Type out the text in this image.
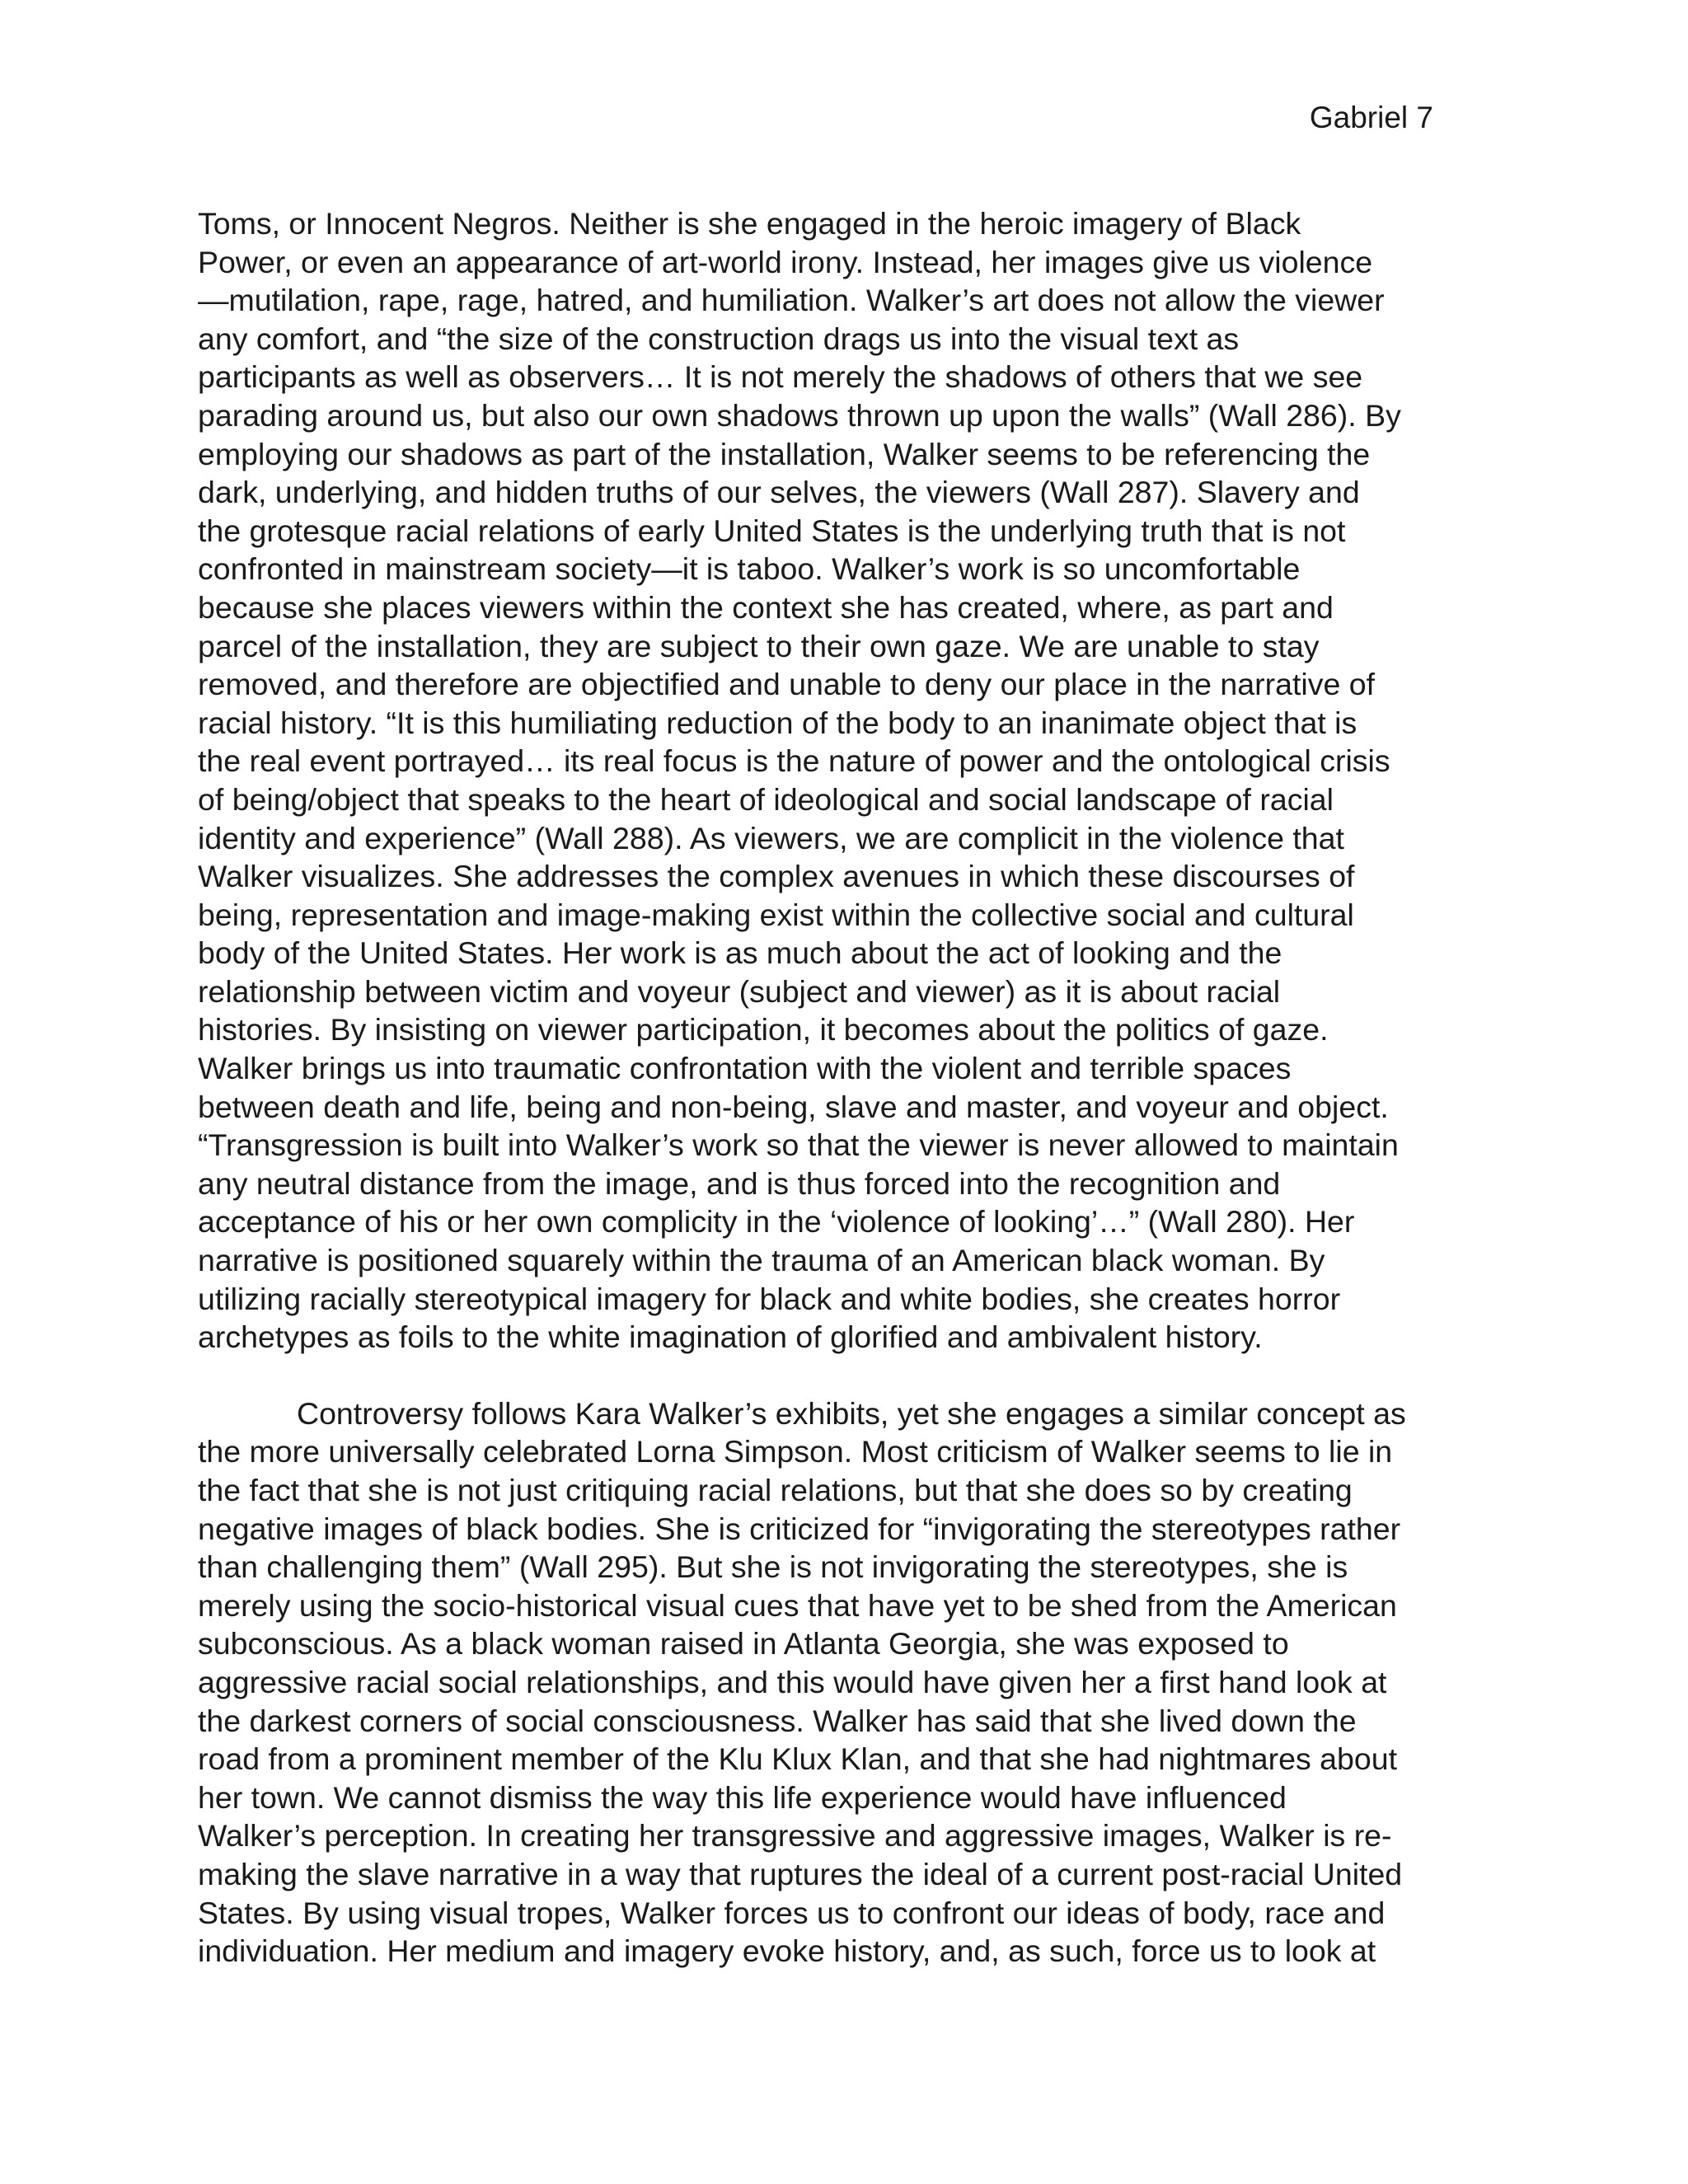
Gabriel 7
Toms, or Innocent Negros. Neither is she engaged in the heroic imagery of Black
Power, or even an appearance of art-world irony. Instead, her images give us violence
—mutilation, rape, rage, hatred, and humiliation. Walker’s art does not allow the viewer
any comfort, and “the size of the construction drags us into the visual text as
participants as well as observers… It is not merely the shadows of others that we see
parading around us, but also our own shadows thrown up upon the walls” (Wall 286). By
employing our shadows as part of the installation, Walker seems to be referencing the
dark, underlying, and hidden truths of our selves, the viewers (Wall 287). Slavery and
the grotesque racial relations of early United States is the underlying truth that is not
confronted in mainstream society—it is taboo. Walker’s work is so uncomfortable
because she places viewers within the context she has created, where, as part and
parcel of the installation, they are subject to their own gaze. We are unable to stay
removed, and therefore are objectified and unable to deny our place in the narrative of
racial history. “It is this humiliating reduction of the body to an inanimate object that is
the real event portrayed… its real focus is the nature of power and the ontological crisis
of being/object that speaks to the heart of ideological and social landscape of racial
identity and experience” (Wall 288). As viewers, we are complicit in the violence that
Walker visualizes. She addresses the complex avenues in which these discourses of
being, representation and image-making exist within the collective social and cultural
body of the United States. Her work is as much about the act of looking and the
relationship between victim and voyeur (subject and viewer) as it is about racial
histories. By insisting on viewer participation, it becomes about the politics of gaze.
Walker brings us into traumatic confrontation with the violent and terrible spaces
between death and life, being and non-being, slave and master, and voyeur and object.
“Transgression is built into Walker’s work so that the viewer is never allowed to maintain
any neutral distance from the image, and is thus forced into the recognition and
acceptance of his or her own complicity in the ‘violence of looking’…” (Wall 280). Her
narrative is positioned squarely within the trauma of an American black woman. By
utilizing racially stereotypical imagery for black and white bodies, she creates horror
archetypes as foils to the white imagination of glorified and ambivalent history.
Controversy follows Kara Walker’s exhibits, yet she engages a similar concept as
the more universally celebrated Lorna Simpson. Most criticism of Walker seems to lie in
the fact that she is not just critiquing racial relations, but that she does so by creating
negative images of black bodies. She is criticized for “invigorating the stereotypes rather
than challenging them” (Wall 295). But she is not invigorating the stereotypes, she is
merely using the socio-historical visual cues that have yet to be shed from the American
subconscious. As a black woman raised in Atlanta Georgia, she was exposed to
aggressive racial social relationships, and this would have given her a first hand look at
the darkest corners of social consciousness. Walker has said that she lived down the
road from a prominent member of the Klu Klux Klan, and that she had nightmares about
her town. We cannot dismiss the way this life experience would have influenced
Walker’s perception. In creating her transgressive and aggressive images, Walker is re-
making the slave narrative in a way that ruptures the ideal of a current post-racial United
States. By using visual tropes, Walker forces us to confront our ideas of body, race and
individuation. Her medium and imagery evoke history, and, as such, force us to look at
